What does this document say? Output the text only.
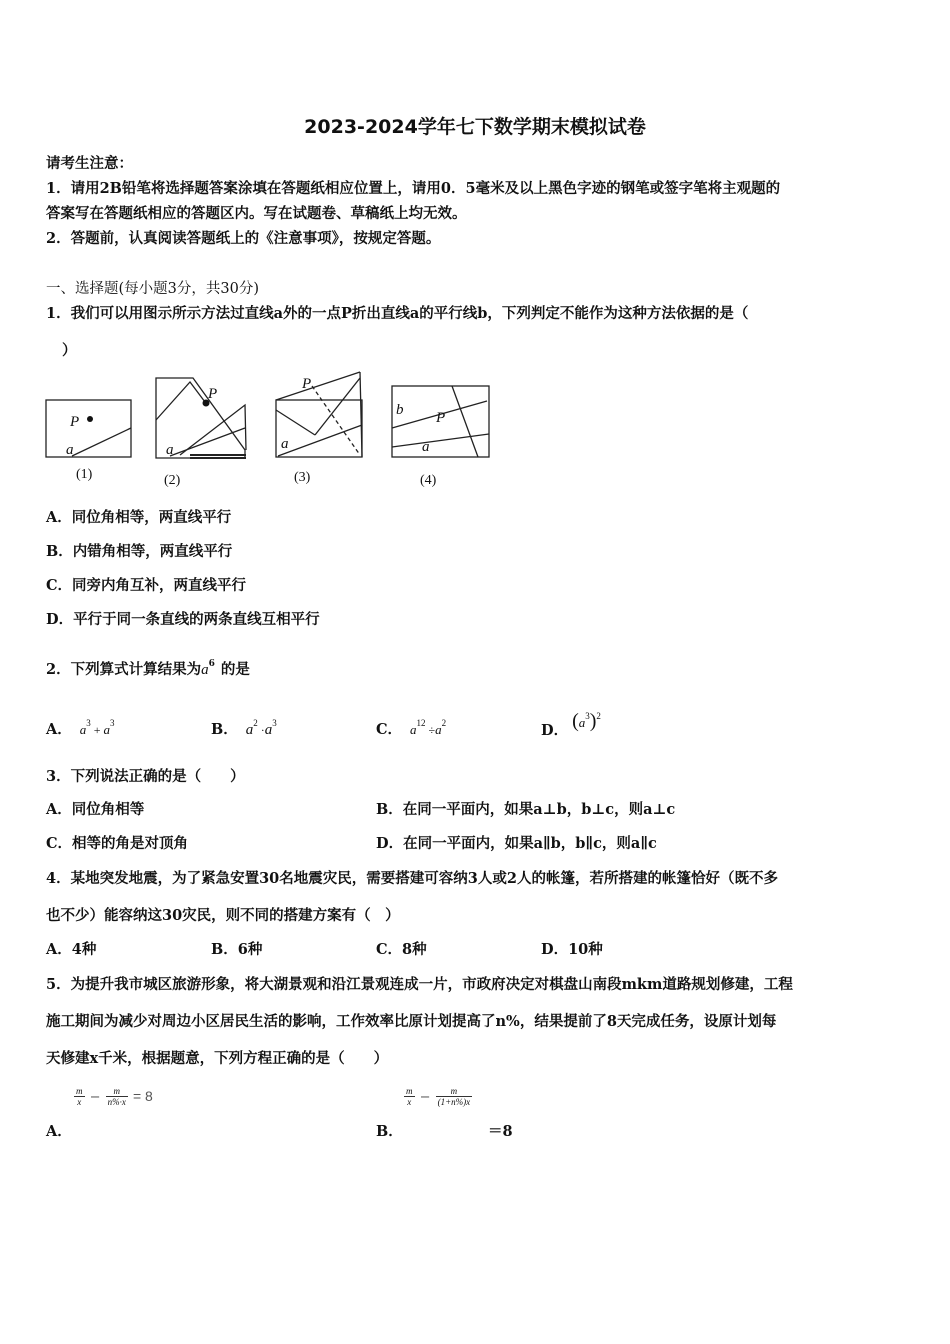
2023-2024学年七下数学期末模拟试卷
请考生注意：
1．请用2B铅笔将选择题答案涂填在答题纸相应位置上，请用0．5毫米及以上黑色字迹的钢笔或签字笔将主观题的
答案写在答题纸相应的答题区内。写在试题卷、草稿纸上均无效。
2．答题前，认真阅读答题纸上的《注意事项》，按规定答题。
一、选择题(每小题3分，共30分)
1．我们可以用图示所示方法过直线a外的一点P折出直线a的平行线b，下列判定不能作为这种方法依据的是（
）
P
a
P
a
P
a
b P
a
(1)	(2)	(3)	(4)
A．同位角相等，两直线平行
B．内错角相等，两直线平行
C．同旁内角互补，两直线平行
D．平行于同一条直线的两条直线互相平行
2．下列算式计算结果为$a^6$ 的是
A． $a^3 + a^3$	B． $a^2 \cdot a^3$	C． $a^{12} \div a^2$	D． $(a^3)^2$
3．下列说法正确的是（　　）
A．同位角相等	B．在同一平面内，如果a⊥b，b⊥c，则a⊥c
C．相等的角是对顶角	D．在同一平面内，如果a∥b，b∥c，则a∥c
4．某地突发地震，为了紧急安置30名地震灾民，需要搭建可容纳3人或2人的帐篷，若所搭建的帐篷恰好（既不多
也不少）能容纳这30灾民，则不同的搭建方案有（　）
A．4种	B．6种	C．8种	D．10种
5．为提升我市城区旅游形象，将大湖景观和沿江景观连成一片，市政府决定对棋盘山南段mkm道路规划修建，工程
施工期间为减少对周边小区居民生活的影响，工作效率比原计划提高了n%，结果提前了8天完成任务，设原计划每
天修建x千米，根据题意，下列方程正确的是（　　）
$\frac{m}{x} - \frac{m}{n\%\cdot x} = 8$
A．
$\frac{m}{x} - \frac{m}{(1+n\%)x}$
B．	＝8
